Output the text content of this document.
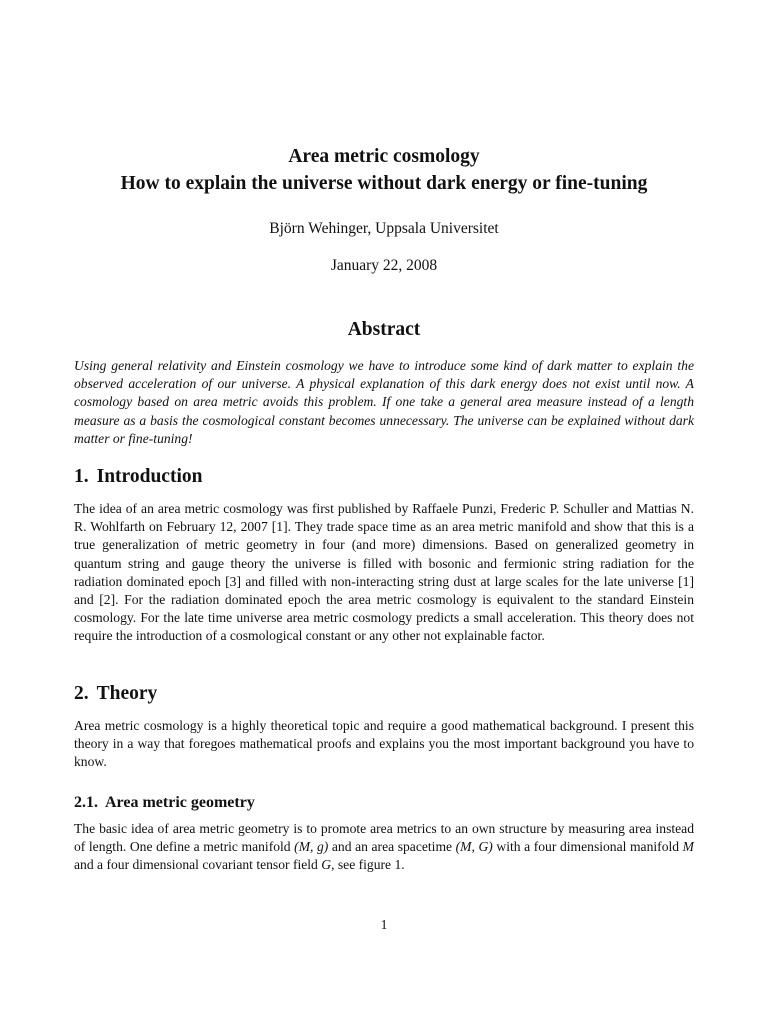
Area metric cosmology

How to explain the universe without dark energy or fine-tuning

Björn Wehinger, Uppsala Universitet
January 22, 2008
Abstract

Using general relativity and Einstein cosmology we have to introduce some kind of dark matter to explain the observed acceleration of our universe. A physical explanation of this dark energy does not exist until now. A cosmology based on area metric avoids this problem. If one take a general area measure instead of a length measure as a basis the cosmological constant becomes unnecessary. The universe can be explained without dark matter or fine-tuning!

1. Introduction

The idea of an area metric cosmology was first published by Raffaele Punzi, Frederic P. Schuller and Mattias N. R. Wohlfarth on February 12, 2007 [1]. They trade space time as an area metric manifold and show that this is a true generalization of metric geometry in four (and more) dimensions. Based on generalized geometry in quantum string and gauge theory the universe is filled with bosonic and fermionic string radiation for the radiation dominated epoch [3] and filled with non-interacting string dust at large scales for the late universe [1] and [2]. For the radiation dominated epoch the area metric cosmology is equivalent to the standard Einstein cosmology. For the late time universe area metric cosmology predicts a small acceleration. This theory does not require the introduction of a cosmological constant or any other not explainable factor.

2. Theory

Area metric cosmology is a highly theoretical topic and require a good mathematical background. I present this theory in a way that foregoes mathematical proofs and explains you the most important background you have to know.

2.1. Area metric geometry

The basic idea of area metric geometry is to promote area metrics to an own structure by measuring area instead of length. One define a metric manifold (M, g) and an area spacetime (M, G) with a four dimensional manifold M and a four dimensional covariant tensor field G, see figure 1.

1
